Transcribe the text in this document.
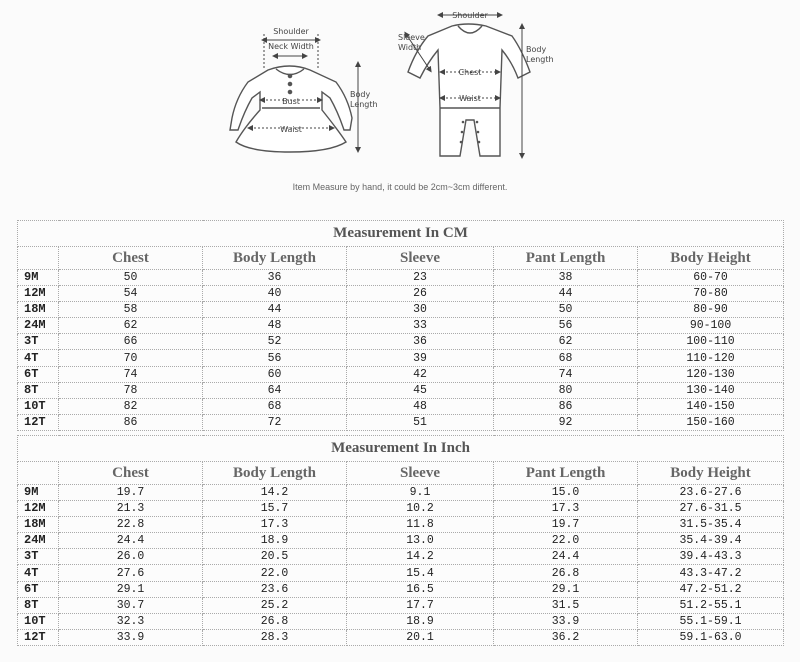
Shoulder
Neck Width
Bust
Waist
Body
Length
Shoulder
Sleeve
Width
Chest
Waist
Body
Length
Item Measure by hand, it could be 2cm~3cm different.
Measurement In CM					
	Chest	Body Length	Sleeve	Pant Length	Body Height
9M	50	36	23	38	60-70
12M	54	40	26	44	70-80
18M	58	44	30	50	80-90
24M	62	48	33	56	90-100
3T	66	52	36	62	100-110
4T	70	56	39	68	110-120
6T	74	60	42	74	120-130
8T	78	64	45	80	130-140
10T	82	68	48	86	140-150
12T	86	72	51	92	150-160
Measurement In Inch					
	Chest	Body Length	Sleeve	Pant Length	Body Height
9M	19.7	14.2	9.1	15.0	23.6-27.6
12M	21.3	15.7	10.2	17.3	27.6-31.5
18M	22.8	17.3	11.8	19.7	31.5-35.4
24M	24.4	18.9	13.0	22.0	35.4-39.4
3T	26.0	20.5	14.2	24.4	39.4-43.3
4T	27.6	22.0	15.4	26.8	43.3-47.2
6T	29.1	23.6	16.5	29.1	47.2-51.2
8T	30.7	25.2	17.7	31.5	51.2-55.1
10T	32.3	26.8	18.9	33.9	55.1-59.1
12T	33.9	28.3	20.1	36.2	59.1-63.0
